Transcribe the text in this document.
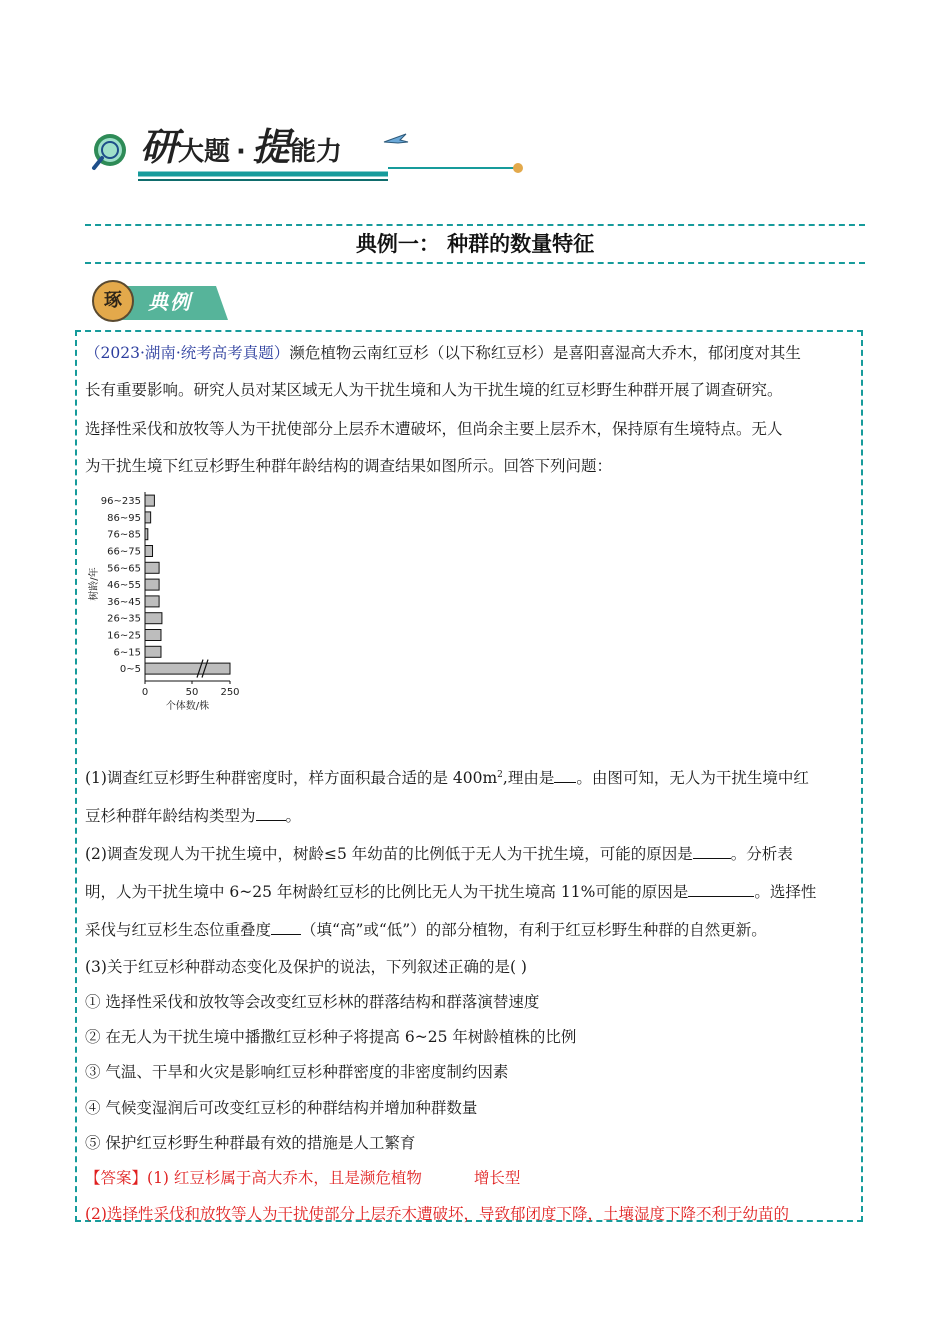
研大题 · 提能力
典例一： 种群的数量特征
琢	典例
（2023·湖南·统考高考真题）濒危植物云南红豆杉（以下称红豆杉）是喜阳喜湿高大乔木，郁闭度对其生
长有重要影响。研究人员对某区域无人为干扰生境和人为干扰生境的红豆杉野生种群开展了调查研究。
选择性采伐和放牧等人为干扰使部分上层乔木遭破坏，但尚余主要上层乔木，保持原有生境特点。无人
为干扰生境下红豆杉野生种群年龄结构的调查结果如图所示。回答下列问题：
0~5
6~15
16~25
26~35
36~45
46~55
56~65
66~75
76~85
86~95
96~235
0	50 250
个体数/株
树龄/年
(1)调查红豆杉野生种群密度时，样方面积最合适的是 $400m^2$,理由是 。由图可知，无人为干扰生境中红
豆杉种群年龄结构类型为 。
(2)调查发现人为干扰生境中，树龄≤5 年幼苗的比例低于无人为干扰生境，可能的原因是 。分析表
明，人为干扰生境中 6~25 年树龄红豆杉的比例比无人为干扰生境高 11%可能的原因是	。选择性
采伐与红豆杉生态位重叠度 （填“高”或“低”）的部分植物，有利于红豆杉野生种群的自然更新。
(3)关于红豆杉种群动态变化及保护的说法，下列叙述正确的是( )
① 选择性采伐和放牧等会改变红豆杉林的群落结构和群落演替速度
② 在无人为干扰生境中播撒红豆杉种子将提高 6~25 年树龄植株的比例
③ 气温、干旱和火灾是影响红豆杉种群密度的非密度制约因素
④ 气候变湿润后可改变红豆杉的种群结构并增加种群数量
⑤ 保护红豆杉野生种群最有效的措施是人工繁育
【答案】(1) 红豆杉属于高大乔木，且是濒危植物	增长型
(2)选择性采伐和放牧等人为干扰使部分上层乔木遭破坏，导致郁闭度下降，土壤湿度下降不利于幼苗的
